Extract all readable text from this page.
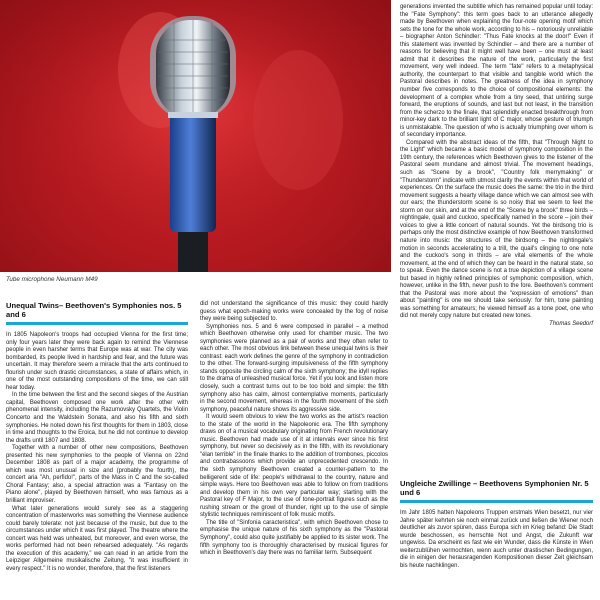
Tube microphone Neumann M49
Unequal Twins– Beethoven's Symphonies nos. 5 and 6

In 1805 Napoleon's troops had occupied Vienna for the first time; only four years later they were back again to remind the Viennese people in even harsher terms that Europe was at war. The city was bombarded, its people lived in hardship and fear, and the future was uncertain. It may therefore seem a miracle that the arts continued to flourish under such drastic circumstances, a state of affairs which, in one of the most outstanding compositions of the time, we can still hear today.

In the time between the first and the second sieges of the Austrian capital, Beethoven composed one work after the other with phenomenal intensity, including the Razumovsky Quartets, the Violin Concerto and the Waldstein Sonata, and also his fifth and sixth symphonies. He noted down his first thoughts for them in 1803, close in time and thoughts to the Eroica, but he did not continue to develop the drafts until 1807 and 1808.

Together with a number of other new compositions, Beethoven presented his new symphonies to the people of Vienna on 22nd December 1808 as part of a major academy, the programme of which was most unusual in size and (probably the fourth), the concert aria "Ah, perfido!", parts of the Mass in C and the so-called Choral Fantasy; also, a special attraction was a "Fantasy on the Piano alone", played by Beethoven himself, who was famous as a brilliant improviser.

What later generations would surely see as a staggering concentration of masterworks was something the Viennese audience could barely tolerate: not just because of the music, but due to the circumstances under which it was first played. The theatre where the concert was held was unheated, but moreover, and even worse, the works performed had not been rehearsed adequately. "As regards the execution of this academy," we can read in an article from the Leipziger Allgemeine musikalische Zeitung, "it was insufficient in every respect." It is no wonder, therefore, that the first listeners

did not understand the significance of this music: they could hardly guess what epoch-making works were concealed by the fog of noise they were being subjected to.

Symphonies nos. 5 and 6 were composed in parallel – a method which Beethoven otherwise only used for chamber music. The two symphonies were planned as a pair of works and they often refer to each other. The most obvious link between these unequal twins is their contrast: each work defines the genre of the symphony in contradiction to the other. The forward-surging impulsiveness of the fifth symphony stands opposite the circling calm of the sixth symphony; the idyll replies to the drama of unleashed musical force. Yet if you look and listen more closely, such a contrast turns out to be too bold and simple: the fifth symphony also has calm, almost contemplative moments, particularly in the second movement, whereas in the fourth movement of the sixth symphony, peaceful nature shows its aggressive side.

It would seem obvious to view the two works as the artist's reaction to the state of the world in the Napoleonic era. The fifth symphony draws on of a musical vocabulary originating from French revolutionary music. Beethoven had made use of it at intervals ever since his first symphony, but never so decisively as in the fifth, with its revolutionary "élan terrible" in the finale thanks to the addition of trombones, piccolos and contrabassoons which provide an unprecedented crescendo. In the sixth symphony Beethoven created a counter-pattern to the belligerent side of life: people's withdrawal to the country, nature and simple ways. Here too Beethoven was able to follow on from traditions and develop them in his own very particular way; starting with the Pastoral key of F Major, to the use of tone-portrait figures such as the rushing stream or the growl of thunder, right up to the use of simple stylistic techniques reminiscent of folk music motifs.

The title of "Sinfonia caracteristica", with which Beethoven chose to emphasise the unique nature of his sixth symphony as the "Pastoral Symphony", could also quite justifiably be applied to its sister work. The fifth symphony too is thoroughly characterised by musical figures for which in Beethoven's day there was no familiar term. Subsequent

generations invented the subtitle which has remained popular until today: the "Fate Symphony": this term goes back to an utterance allegedly made by Beethoven when explaining the four-note opening motif which sets the tone for the whole work, according to his – notoriously unreliable – biographer Anton Schindler: "Thus Fate knocks at the door!" Even if this statement was invented by Schindler – and there are a number of reasons for believing that it might well have been – one must at least admit that it describes the nature of the work, particularly the first movement, very well indeed. The term "fate" refers to a metaphysical authority, the counterpart to that visible and tangible world which the Pastoral describes in notes. The greatness of the idea in symphony number five corresponds to the choice of compositional elements: the development of a complex whole from a tiny seed, that untiring surge forward, the eruptions of sounds, and last but not least, in the transition from the scherzo to the finale, that splendidly enacted breakthrough from minor-key dark to the brilliant light of C major, whose gesture of triumph is unmistakable. The question of who is actually triumphing over whom is of secondary importance.

Compared with the abstract ideas of the fifth, that "Through Night to the Light" which became a basic model of symphony composition in the 19th century, the references which Beethoven gives to the listener of the Pastoral seem mundane and almost trivial. The movement headings, such as "Scene by a brook", "Country folk merrymaking" or "Thunderstorm" indicate with utmost clarity the events within that world of experiences. On the surface the music does the same: the trio in the third movement suggests a hearty village dance which we can almost see with our ears; the thunderstorm scene is so noisy that we seem to feel the storm on our skin, and at the end of the "Scene by a brook" three birds – nightingale, quail and cuckoo, specifically named in the score – join their voices to give a little concert of natural sounds. Yet the birdsong trio is perhaps only the most distinctive example of how Beethoven transformed nature into music: the structures of the birdsong – the nightingale's motion in seconds accelerating to a trill, the quail's clinging to one note and the cuckoo's song in thirds – are vital elements of the whole movement, at the end of which they can be heard in the natural state, so to speak. Even the dance scene is not a true depiction of a village scene but based in highly refined principles of symphonic composition, which, however, unlike in the fifth, never push to the fore. Beethoven's comment that the Pastoral was more about the "expression of emotions" than about "painting" is one we should take seriously: for him, tone painting was something for amateurs; he viewed himself as a tone poet, one who did not merely copy nature but created new tones.

Thomas Seedorf

Ungleiche Zwillinge – Beethovens Symphonien Nr. 5 und 6

Im Jahr 1805 hatten Napoleons Truppen erstmals Wien besetzt, nur vier Jahre später kehrten sie noch einmal zurück und ließen die Wiener noch deutlicher als zuvor spüren, dass Europa sich im Krieg befand: Die Stadt wurde beschossen, es herrschte Not und Angst, die Zukunft war ungewiss. Da erscheint es fast wie ein Wunder, dass die Künste in Wien weiterzublühen vermochten, wenn auch unter drastischen Bedingungen, die in einigen der herausragenden Kompositionen dieser Zeit gleichsam bis heute nachklingen.
